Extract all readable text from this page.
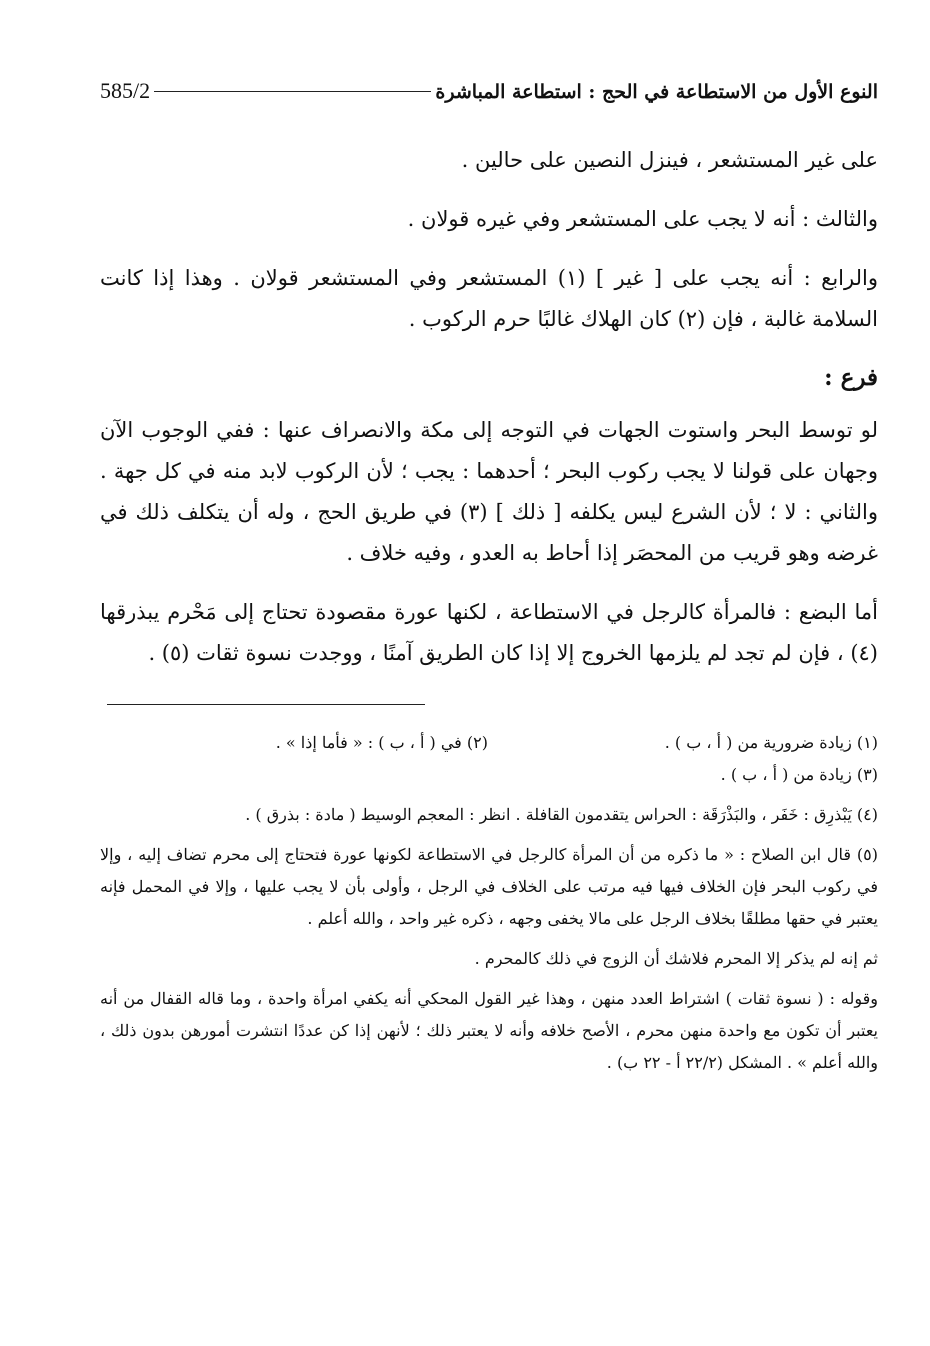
النوع الأول من الاستطاعة في الحج : استطاعة المباشرة
585/2

على غير المستشعر ، فينزل النصين على حالين .

والثالث : أنه لا يجب على المستشعر وفي غيره قولان .

والرابع : أنه يجب على [ غير ] (١) المستشعر وفي المستشعر قولان . وهذا إذا كانت السلامة غالبة ، فإن (٢) كان الهلاك غالبًا حرم الركوب .

فرع :

لو توسط البحر واستوت الجهات في التوجه إلى مكة والانصراف عنها : ففي الوجوب الآن وجهان على قولنا لا يجب ركوب البحر ؛ أحدهما : يجب ؛ لأن الركوب لابد منه في كل جهة . والثاني : لا ؛ لأن الشرع ليس يكلفه [ ذلك ] (٣) في طريق الحج ، وله أن يتكلف ذلك في غرضه وهو قريب من المحصَر إذا أحاط به العدو ، وفيه خلاف .

أما البضع : فالمرأة كالرجل في الاستطاعة ، لكنها عورة مقصودة تحتاج إلى مَحْرم يبذرقها (٤) ، فإن لم تجد لم يلزمها الخروج إلا إذا كان الطريق آمنًا ، ووجدت نسوة ثقات (٥) .

(١) زيادة ضرورية من ( أ ، ب ) .
(٢) في ( أ ، ب ) : « فأما إذا » .

(٣) زيادة من ( أ ، ب ) .

(٤) يَبْذرِق : خَفَر ، والبَذْرَقَة : الحراس يتقدمون القافلة . انظر : المعجم الوسيط ( مادة : بذرق ) .

(٥) قال ابن الصلاح : « ما ذكره من أن المرأة كالرجل في الاستطاعة لكونها عورة فتحتاج إلى محرم تضاف إليه ، وإلا في ركوب البحر فإن الخلاف فيها فيه مرتب على الخلاف في الرجل ، وأولى بأن لا يجب عليها ، وإلا في المحمل فإنه يعتبر في حقها مطلقًا بخلاف الرجل على مالا يخفى وجهه ، ذكره غير واحد ، والله أعلم .

ثم إنه لم يذكر إلا المحرم فلاشك أن الزوج في ذلك كالمحرم .

وقوله : ( نسوة ثقات ) اشتراط العدد منهن ، وهذا غير القول المحكي أنه يكفي امرأة واحدة ، وما قاله القفال من أنه يعتبر أن تكون مع واحدة منهن محرم ، الأصح خلافه وأنه لا يعتبر ذلك ؛ لأنهن إذا كن عددًا انتشرت أمورهن بدون ذلك ، والله أعلم » . المشكل (٢٢/٢ أ - ٢٢ ب) .
